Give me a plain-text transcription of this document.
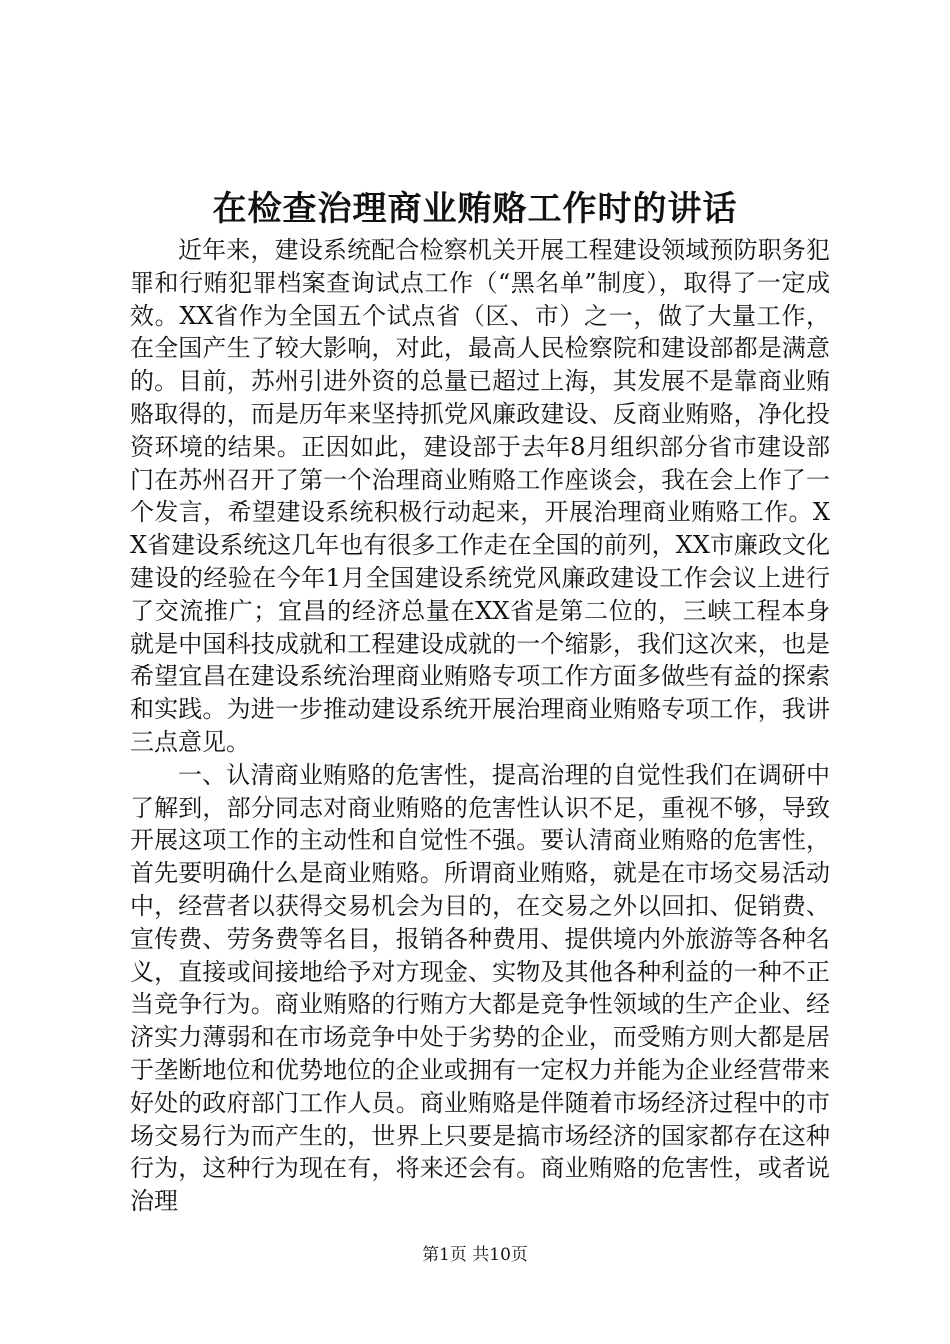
在检查治理商业贿赂工作时的讲话

近年来，建设系统配合检察机关开展工程建设领域预防职务犯罪和行贿犯罪档案查询试点工作（“黑名单”制度），取得了一定成效。XX省作为全国五个试点省（区、市）之一，做了大量工作，在全国产生了较大影响，对此，最高人民检察院和建设部都是满意的。目前，苏州引进外资的总量已超过上海，其发展不是靠商业贿赂取得的，而是历年来坚持抓党风廉政建设、反商业贿赂，净化投资环境的结果。正因如此，建设部于去年8月组织部分省市建设部门在苏州召开了第一个治理商业贿赂工作座谈会，我在会上作了一个发言，希望建设系统积极行动起来，开展治理商业贿赂工作。XX省建设系统这几年也有很多工作走在全国的前列，XX市廉政文化建设的经验在今年1月全国建设系统党风廉政建设工作会议上进行了交流推广；宜昌的经济总量在XX省是第二位的，三峡工程本身就是中国科技成就和工程建设成就的一个缩影，我们这次来，也是希望宜昌在建设系统治理商业贿赂专项工作方面多做些有益的探索和实践。为进一步推动建设系统开展治理商业贿赂专项工作，我讲三点意见。

一、认清商业贿赂的危害性，提高治理的自觉性我们在调研中了解到，部分同志对商业贿赂的危害性认识不足，重视不够，导致开展这项工作的主动性和自觉性不强。要认清商业贿赂的危害性，首先要明确什么是商业贿赂。所谓商业贿赂，就是在市场交易活动中，经营者以获得交易机会为目的，在交易之外以回扣、促销费、宣传费、劳务费等名目，报销各种费用、提供境内外旅游等各种名义，直接或间接地给予对方现金、实物及其他各种利益的一种不正当竞争行为。商业贿赂的行贿方大都是竞争性领域的生产企业、经济实力薄弱和在市场竞争中处于劣势的企业，而受贿方则大都是居于垄断地位和优势地位的企业或拥有一定权力并能为企业经营带来好处的政府部门工作人员。商业贿赂是伴随着市场经济过程中的市场交易行为而产生的，世界上只要是搞市场经济的国家都存在这种行为，这种行为现在有，将来还会有。商业贿赂的危害性，或者说治理

第1页 共10页
